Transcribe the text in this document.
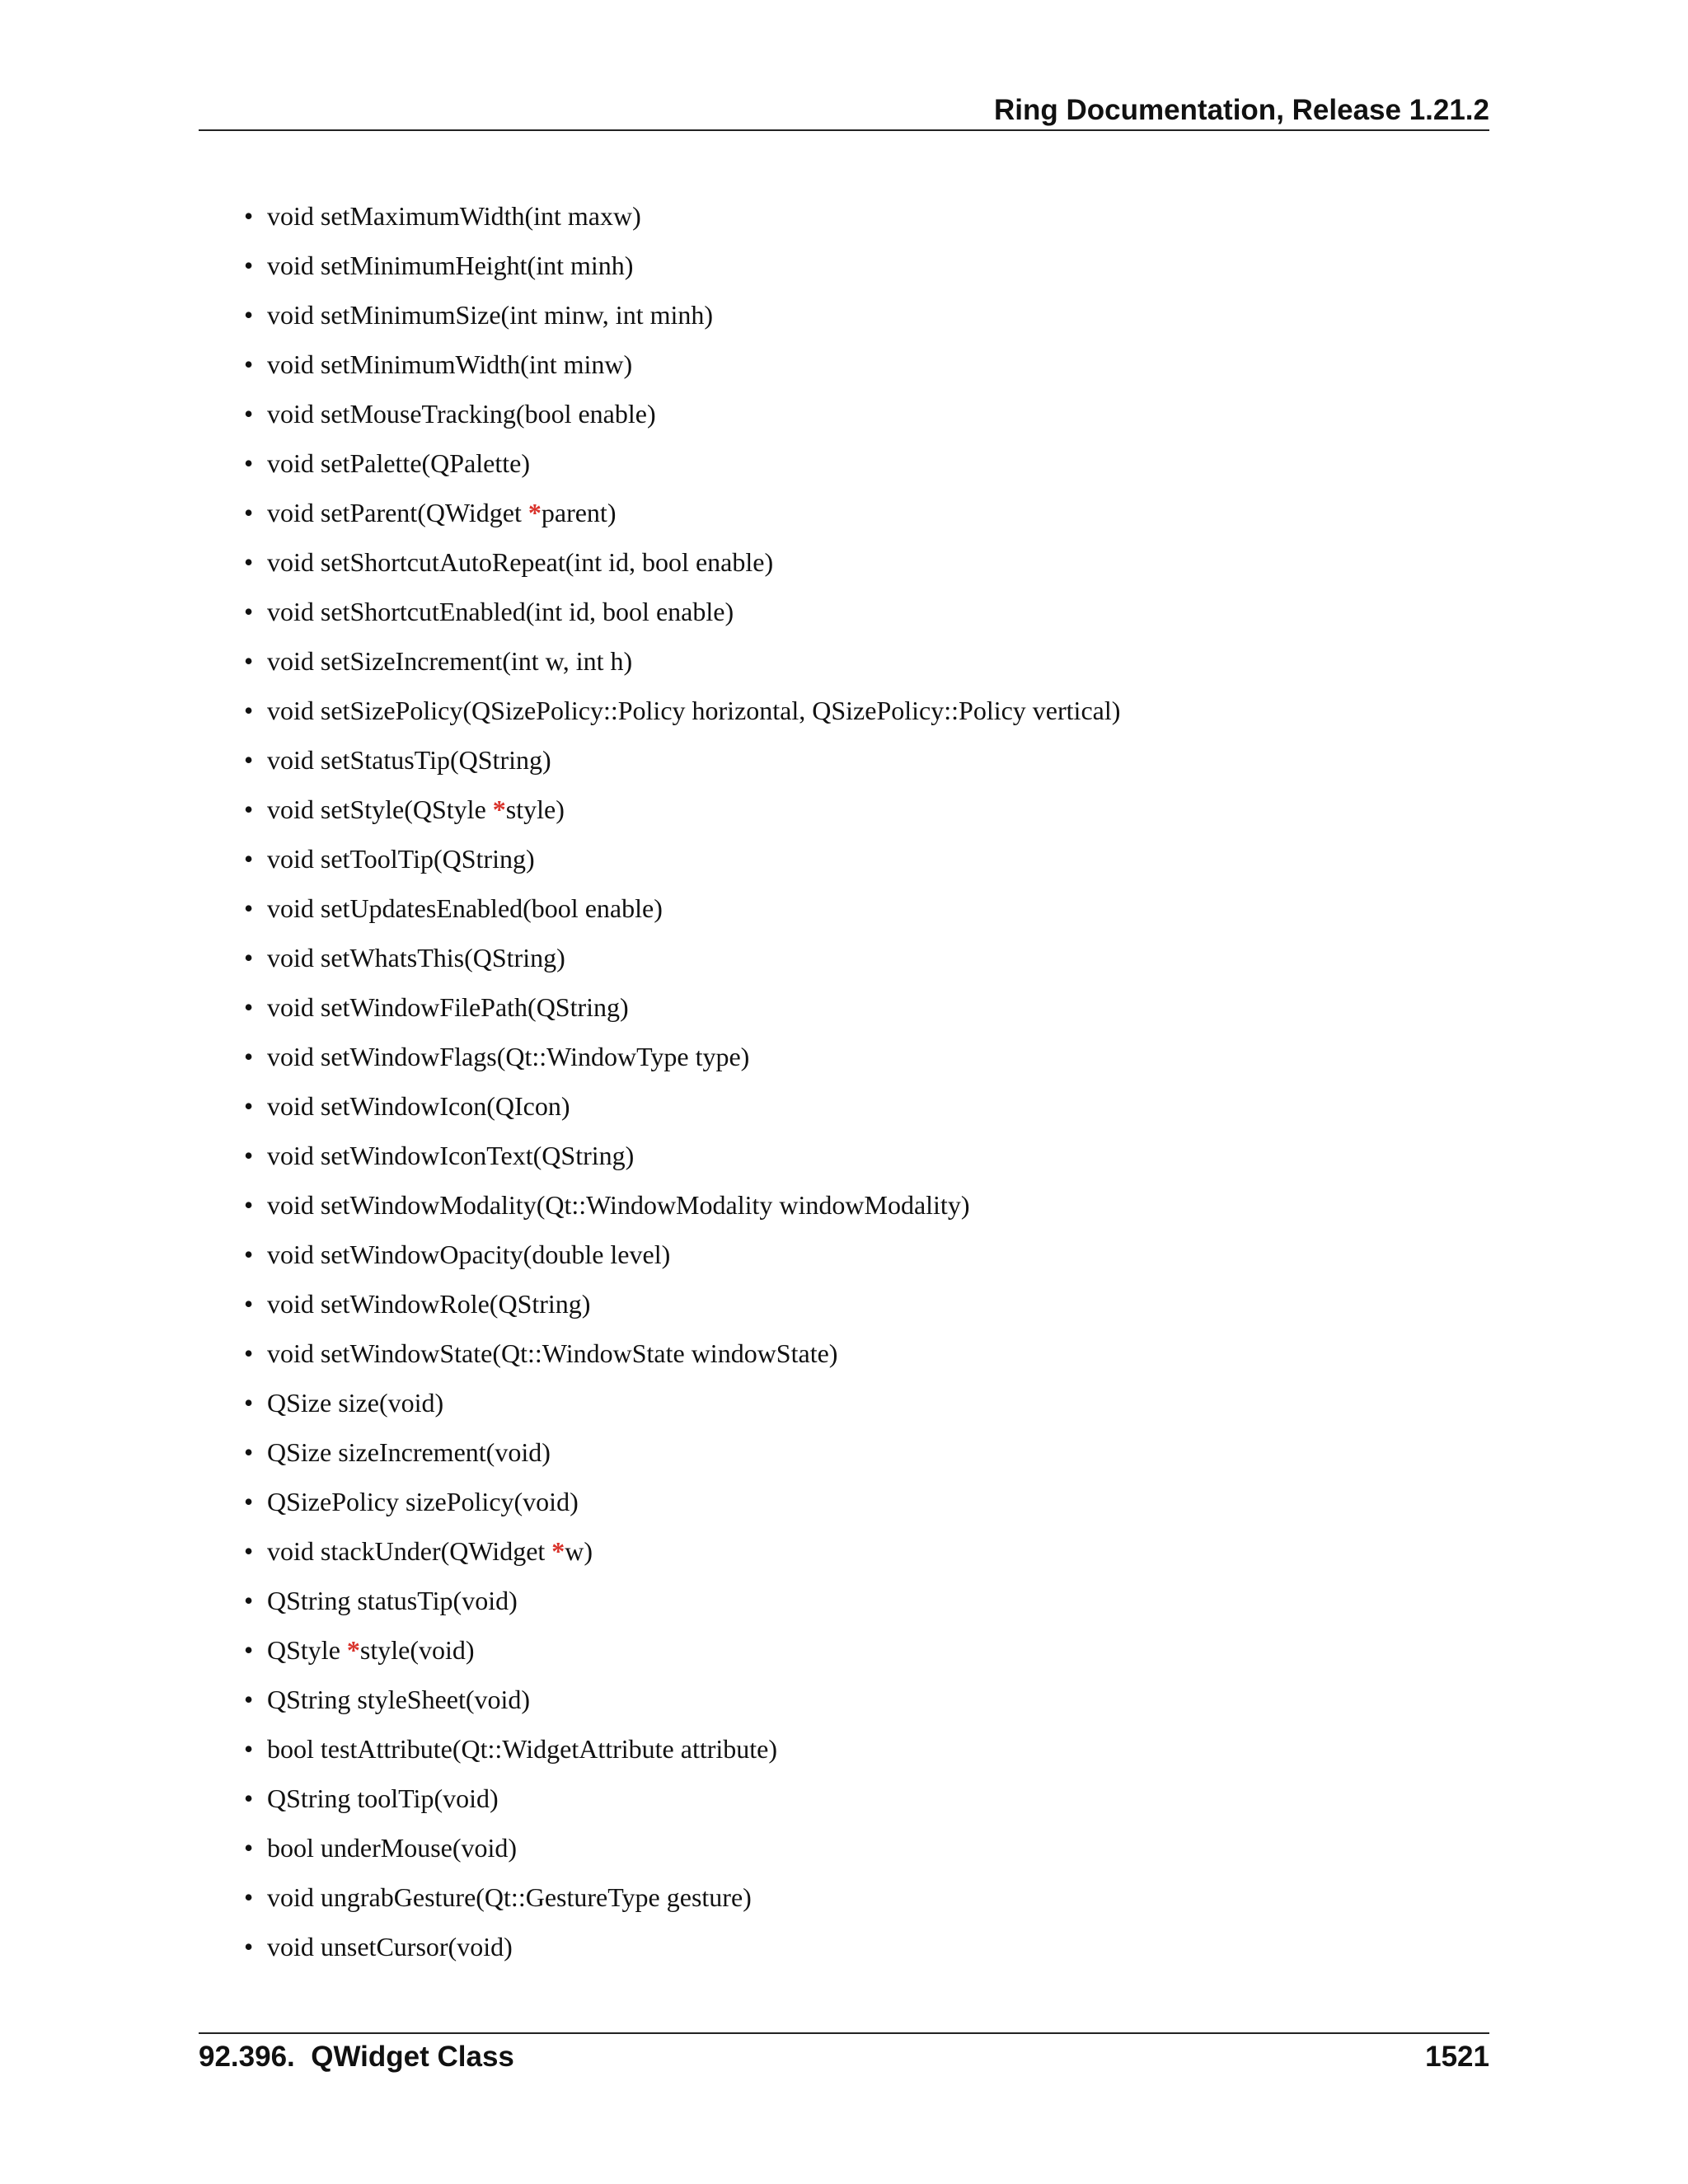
Ring Documentation, Release 1.21.2
• void setMaximumWidth(int maxw)
• void setMinimumHeight(int minh)
• void setMinimumSize(int minw, int minh)
• void setMinimumWidth(int minw)
• void setMouseTracking(bool enable)
• void setPalette(QPalette)
• void setParent(QWidget *parent)
• void setShortcutAutoRepeat(int id, bool enable)
• void setShortcutEnabled(int id, bool enable)
• void setSizeIncrement(int w, int h)
• void setSizePolicy(QSizePolicy::Policy horizontal, QSizePolicy::Policy vertical)
• void setStatusTip(QString)
• void setStyle(QStyle *style)
• void setToolTip(QString)
• void setUpdatesEnabled(bool enable)
• void setWhatsThis(QString)
• void setWindowFilePath(QString)
• void setWindowFlags(Qt::WindowType type)
• void setWindowIcon(QIcon)
• void setWindowIconText(QString)
• void setWindowModality(Qt::WindowModality windowModality)
• void setWindowOpacity(double level)
• void setWindowRole(QString)
• void setWindowState(Qt::WindowState windowState)
• QSize size(void)
• QSize sizeIncrement(void)
• QSizePolicy sizePolicy(void)
• void stackUnder(QWidget *w)
• QString statusTip(void)
• QStyle *style(void)
• QString styleSheet(void)
• bool testAttribute(Qt::WidgetAttribute attribute)
• QString toolTip(void)
• bool underMouse(void)
• void ungrabGesture(Qt::GestureType gesture)
• void unsetCursor(void)
92.396.  QWidget Class	1521
